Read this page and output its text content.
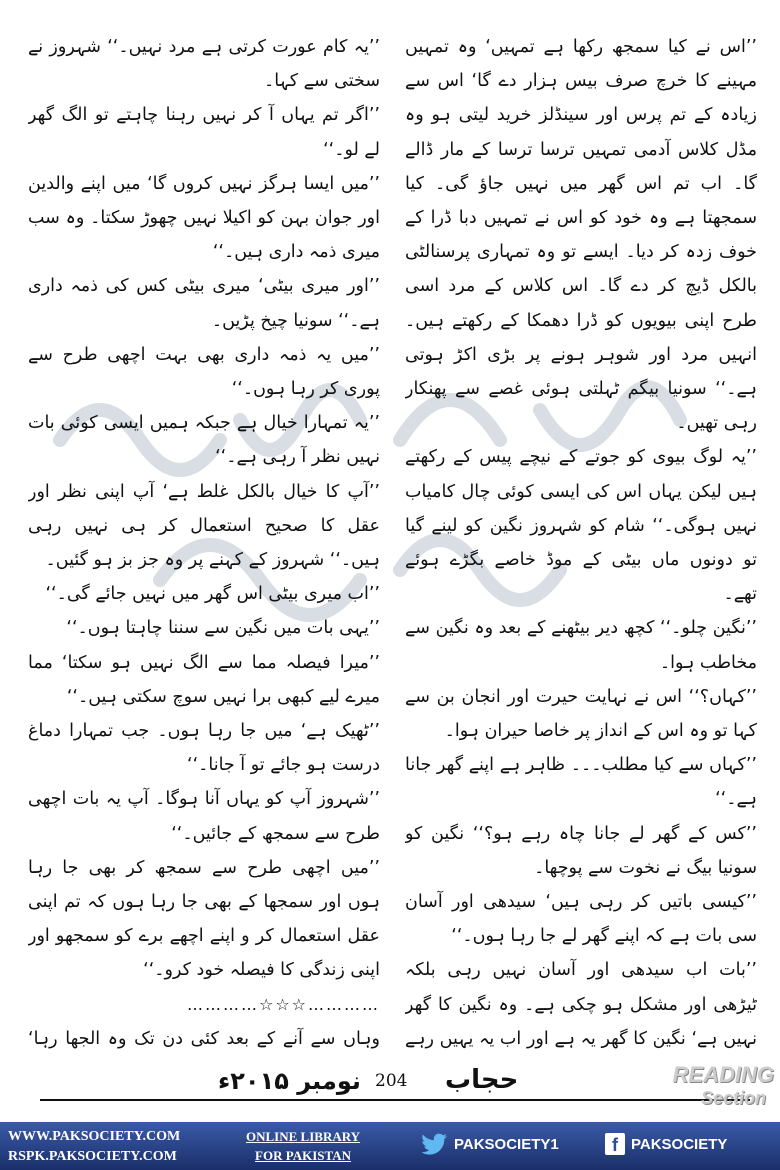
’’اس نے کیا سمجھ رکھا ہے تمہیں‘ وہ تمہیں مہینے کا خرچ صرف بیس ہزار دے گا‘ اس سے زیادہ کے تم پرس اور سینڈلز خرید لیتی ہو وہ مڈل کلاس آدمی تمہیں ترسا ترسا کے مار ڈالے گا۔ اب تم اس گھر میں نہیں جاؤ گی۔ کیا سمجھتا ہے وہ خود کو اس نے تمہیں دبا ڈرا کے خوف زدہ کر دیا۔ ایسے تو وہ تمہاری پرسنالٹی بالکل ڈیچ کر دے گا۔ اس کلاس کے مرد اسی طرح اپنی بیویوں کو ڈرا دھمکا کے رکھتے ہیں۔ انہیں مرد اور شوہر ہونے پر بڑی اکڑ ہوتی ہے۔‘‘ سونیا بیگم ٹہلتی ہوئی غصے سے پھنکار رہی تھیں۔

’’یہ لوگ بیوی کو جوتے کے نیچے پیس کے رکھتے ہیں لیکن یہاں اس کی ایسی کوئی چال کامیاب نہیں ہوگی۔‘‘ شام کو شہروز نگین کو لینے گیا تو دونوں ماں بیٹی کے موڈ خاصے بگڑے ہوئے تھے۔

’’نگین چلو۔‘‘ کچھ دیر بیٹھنے کے بعد وہ نگین سے مخاطب ہوا۔

’’کہاں؟‘‘ اس نے نہایت حیرت اور انجان بن سے کہا تو وہ اس کے انداز پر خاصا حیران ہوا۔

’’کہاں سے کیا مطلب۔۔۔ ظاہر ہے اپنے گھر جانا ہے۔‘‘

’’کس کے گھر لے جانا چاہ رہے ہو؟‘‘ نگین کو سونیا بیگ نے نخوت سے پوچھا۔

’’کیسی باتیں کر رہی ہیں‘ سیدھی اور آسان سی بات ہے کہ اپنے گھر لے جا رہا ہوں۔‘‘

’’بات اب سیدھی اور آسان نہیں رہی بلکہ ٹیڑھی اور مشکل ہو چکی ہے۔ وہ نگین کا گھر نہیں ہے‘ نگین کا گھر یہ ہے اور اب یہ یہیں رہے

’’یہ کام عورت کرتی ہے مرد نہیں۔‘‘ شہروز نے سختی سے کہا۔

’’اگر تم یہاں آ کر نہیں رہنا چاہتے تو الگ گھر لے لو۔‘‘

’’میں ایسا ہرگز نہیں کروں گا‘ میں اپنے والدین اور جوان بہن کو اکیلا نہیں چھوڑ سکتا۔ وہ سب میری ذمہ داری ہیں۔‘‘

’’اور میری بیٹی‘ میری بیٹی کس کی ذمہ داری ہے۔‘‘ سونیا چیخ پڑیں۔

’’میں یہ ذمہ داری بھی بہت اچھی طرح سے پوری کر رہا ہوں۔‘‘

’’یہ تمہارا خیال ہے جبکہ ہمیں ایسی کوئی بات نہیں نظر آ رہی ہے۔‘‘

’’آپ کا خیال بالکل غلط ہے‘ آپ اپنی نظر اور عقل کا صحیح استعمال کر ہی نہیں رہی ہیں۔‘‘ شہروز کے کہنے پر وہ جز بز ہو گئیں۔

’’اب میری بیٹی اس گھر میں نہیں جائے گی۔‘‘

’’یہی بات میں نگین سے سننا چاہتا ہوں۔‘‘

’’میرا فیصلہ مما سے الگ نہیں ہو سکتا‘ مما میرے لیے کبھی برا نہیں سوچ سکتی ہیں۔‘‘

’’ٹھیک ہے‘ میں جا رہا ہوں۔ جب تمہارا دماغ درست ہو جائے تو آ جانا۔‘‘

’’شہروز آپ کو یہاں آنا ہوگا۔ آپ یہ بات اچھی طرح سے سمجھ کے جائیں۔‘‘

’’میں اچھی طرح سے سمجھ کر بھی جا رہا ہوں اور سمجھا کے بھی جا رہا ہوں کہ تم اپنی عقل استعمال کر و اپنے اچھے برے کو سمجھو اور اپنی زندگی کا فیصلہ خود کرو۔‘‘

…………☆☆☆…………

وہاں سے آنے کے بعد کئی دن تک وہ الجھا رہا‘

نومبر ۲۰۱۵ء 204 حجاب	READING
Section
WWW.PAKSOCIETY.COM
RSPK.PAKSOCIETY.COM
ONLINE LIBRARY
FOR PAKISTAN
PAKSOCIETY1	f PAKSOCIETY
